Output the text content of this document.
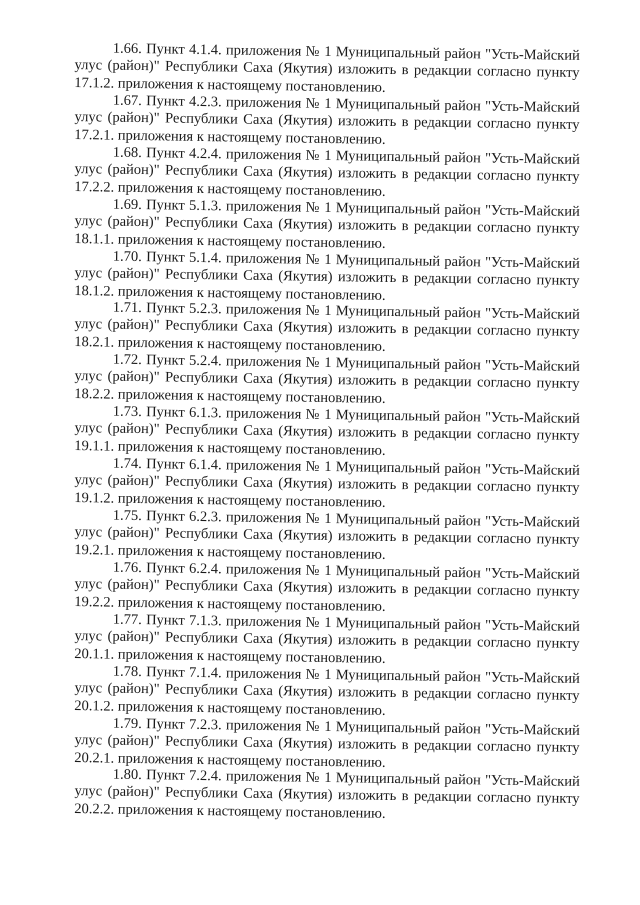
1.66. Пункт 4.1.4. приложения № 1 Муниципальный район "Усть-Майский улус (район)" Республики Саха (Якутия) изложить в редакции согласно пункту 17.1.2. приложения к настоящему постановлению.

1.67. Пункт 4.2.3. приложения № 1 Муниципальный район "Усть-Майский улус (район)" Республики Саха (Якутия) изложить в редакции согласно пункту 17.2.1. приложения к настоящему постановлению.

1.68. Пункт 4.2.4. приложения № 1 Муниципальный район "Усть-Майский улус (район)" Республики Саха (Якутия) изложить в редакции согласно пункту 17.2.2. приложения к настоящему постановлению.

1.69. Пункт 5.1.3. приложения № 1 Муниципальный район "Усть-Майский улус (район)" Республики Саха (Якутия) изложить в редакции согласно пункту 18.1.1. приложения к настоящему постановлению.

1.70. Пункт 5.1.4. приложения № 1 Муниципальный район "Усть-Майский улус (район)" Республики Саха (Якутия) изложить в редакции согласно пункту 18.1.2. приложения к настоящему постановлению.

1.71. Пункт 5.2.3. приложения № 1 Муниципальный район "Усть-Майский улус (район)" Республики Саха (Якутия) изложить в редакции согласно пункту 18.2.1. приложения к настоящему постановлению.

1.72. Пункт 5.2.4. приложения № 1 Муниципальный район "Усть-Майский улус (район)" Республики Саха (Якутия) изложить в редакции согласно пункту 18.2.2. приложения к настоящему постановлению.

1.73. Пункт 6.1.3. приложения № 1 Муниципальный район "Усть-Майский улус (район)" Республики Саха (Якутия) изложить в редакции согласно пункту 19.1.1. приложения к настоящему постановлению.

1.74. Пункт 6.1.4. приложения № 1 Муниципальный район "Усть-Майский улус (район)" Республики Саха (Якутия) изложить в редакции согласно пункту 19.1.2. приложения к настоящему постановлению.

1.75. Пункт 6.2.3. приложения № 1 Муниципальный район "Усть-Майский улус (район)" Республики Саха (Якутия) изложить в редакции согласно пункту 19.2.1. приложения к настоящему постановлению.

1.76. Пункт 6.2.4. приложения № 1 Муниципальный район "Усть-Майский улус (район)" Республики Саха (Якутия) изложить в редакции согласно пункту 19.2.2. приложения к настоящему постановлению.

1.77. Пункт 7.1.3. приложения № 1 Муниципальный район "Усть-Майский улус (район)" Республики Саха (Якутия) изложить в редакции согласно пункту 20.1.1. приложения к настоящему постановлению.

1.78. Пункт 7.1.4. приложения № 1 Муниципальный район "Усть-Майский улус (район)" Республики Саха (Якутия) изложить в редакции согласно пункту 20.1.2. приложения к настоящему постановлению.

1.79. Пункт 7.2.3. приложения № 1 Муниципальный район "Усть-Майский улус (район)" Республики Саха (Якутия) изложить в редакции согласно пункту 20.2.1. приложения к настоящему постановлению.

1.80. Пункт 7.2.4. приложения № 1 Муниципальный район "Усть-Майский улус (район)" Республики Саха (Якутия) изложить в редакции согласно пункту 20.2.2. приложения к настоящему постановлению.
